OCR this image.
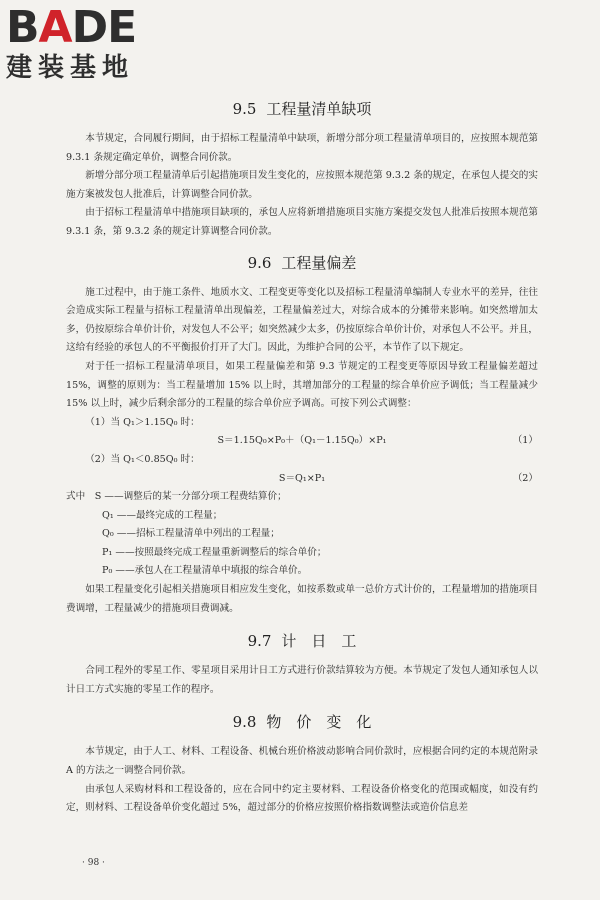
BADE
建装基地
9.5 工程量清单缺项

本节规定，合同履行期间，由于招标工程量清单中缺项，新增分部分项工程量清单项目的，应按照本规范第 9.3.1 条规定确定单价，调整合同价款。

新增分部分项工程量清单后引起措施项目发生变化的，应按照本规范第 9.3.2 条的规定，在承包人提交的实施方案被发包人批准后，计算调整合同价款。

由于招标工程量清单中措施项目缺项的，承包人应将新增措施项目实施方案提交发包人批准后按照本规范第 9.3.1 条，第 9.3.2 条的规定计算调整合同价款。

9.6 工程量偏差

施工过程中，由于施工条件、地质水文、工程变更等变化以及招标工程量清单编制人专业水平的差异，往往会造成实际工程量与招标工程量清单出现偏差，工程量偏差过大，对综合成本的分摊带来影响。如突然增加太多，仍按原综合单价计价，对发包人不公平；如突然减少太多，仍按原综合单价计价，对承包人不公平。并且，这给有经验的承包人的不平衡报价打开了大门。因此，为维护合同的公平，本节作了以下规定。

对于任一招标工程量清单项目，如果工程量偏差和第 9.3 节规定的工程变更等原因导致工程量偏差超过 15%，调整的原则为：当工程量增加 15% 以上时，其增加部分的工程量的综合单价应予调低；当工程量减少 15% 以上时，减少后剩余部分的工程量的综合单价应予调高。可按下列公式调整：

（1）当 Q₁＞1.15Q₀ 时：

S＝1.15Q₀×P₀＋（Q₁－1.15Q₀）×P₁	（1）

（2）当 Q₁＜0.85Q₀ 时：

S＝Q₁×P₁	（2）
式中　S ——调整后的某一分部分项工程费结算价；
Q₁ ——最终完成的工程量；
Q₀ ——招标工程量清单中列出的工程量；
P₁ ——按照最终完成工程量重新调整后的综合单价；
P₀ ——承包人在工程量清单中填报的综合单价。

如果工程量变化引起相关措施项目相应发生变化，如按系数或单一总价方式计价的，工程量增加的措施项目费调增，工程量减少的措施项目费调减。

9.7 计　日　工

合同工程外的零星工作、零星项目采用计日工方式进行价款结算较为方便。本节规定了发包人通知承包人以计日工方式实施的零星工作的程序。

9.8 物　价　变　化

本节规定，由于人工、材料、工程设备、机械台班价格波动影响合同价款时，应根据合同约定的本规范附录 A 的方法之一调整合同价款。

由承包人采购材料和工程设备的，应在合同中约定主要材料、工程设备价格变化的范围或幅度，如没有约定，则材料、工程设备单价变化超过 5%，超过部分的价格应按照价格指数调整法或造价信息差

· 98 ·
